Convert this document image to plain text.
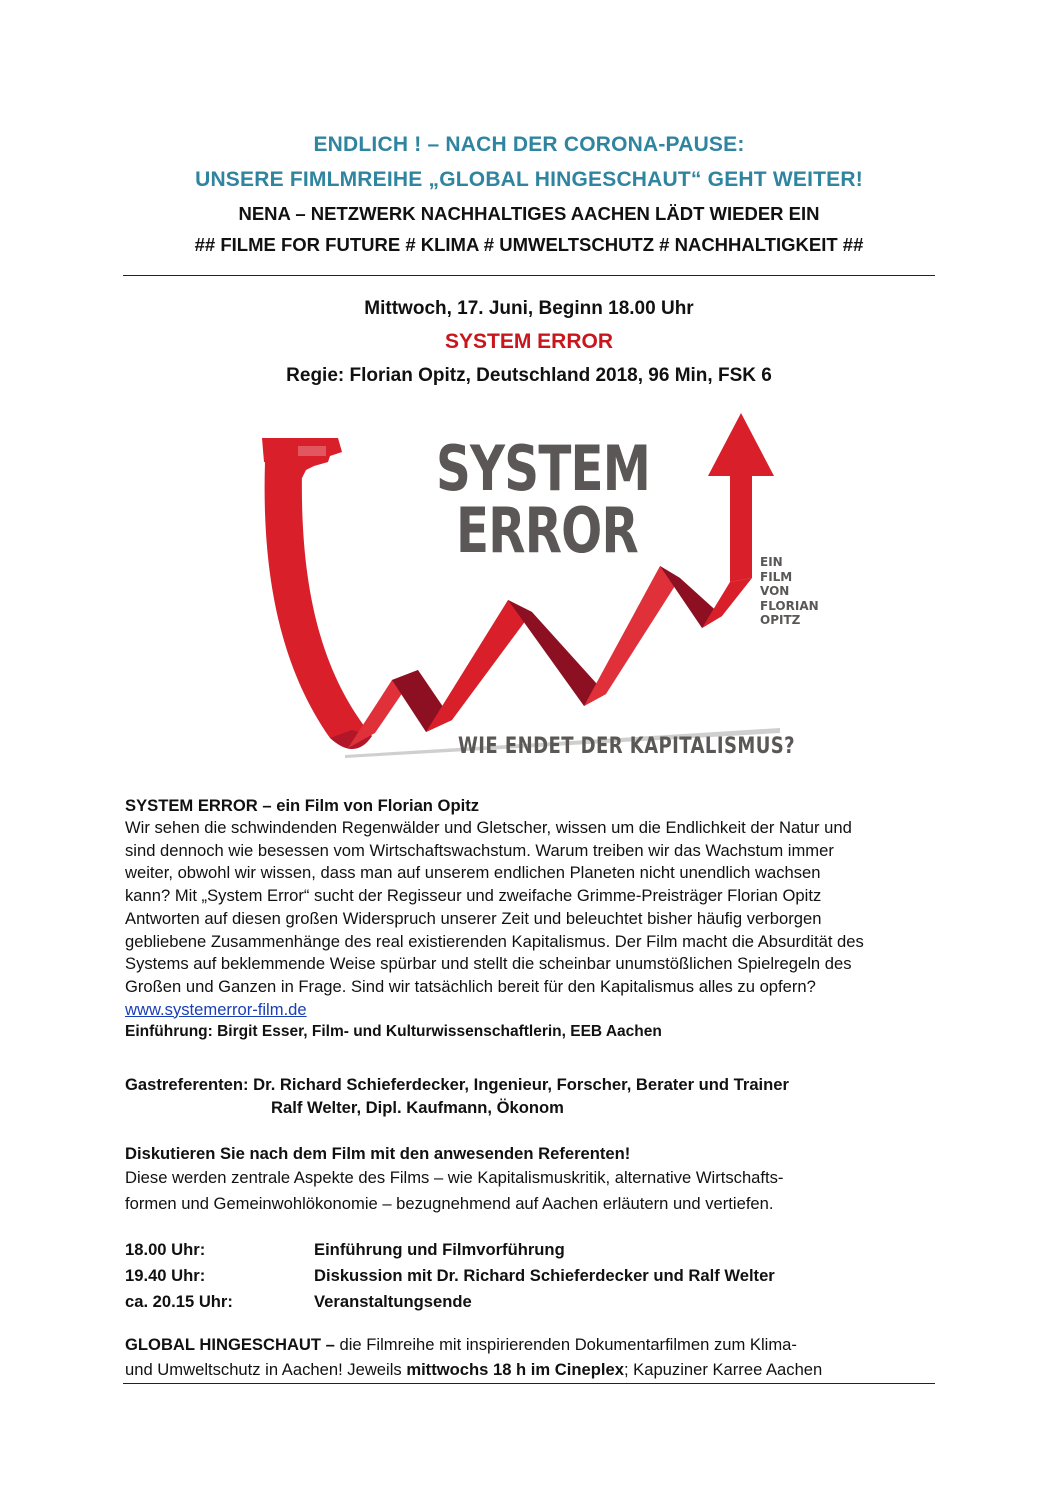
ENDLICH ! – NACH DER CORONA-PAUSE:
UNSERE FIMLMREIHE „GLOBAL HINGESCHAUT“ GEHT WEITER!
NENA – NETZWERK NACHHALTIGES AACHEN LÄDT WIEDER EIN
## FILME FOR FUTURE # KLIMA # UMWELTSCHUTZ # NACHHALTIGKEIT ##
Mittwoch, 17. Juni, Beginn 18.00 Uhr
SYSTEM ERROR
Regie: Florian Opitz, Deutschland 2018, 96 Min, FSK 6
SYSTEM
ERROR	EIN
FILM
VON
FLORIAN
OPITZ
WIE ENDET DER KAPITALISMUS?
SYSTEM ERROR – ein Film von Florian Opitz
Wir sehen die schwindenden Regenwälder und Gletscher, wissen um die Endlichkeit der Natur und
sind dennoch wie besessen vom Wirtschaftswachstum. Warum treiben wir das Wachstum immer
weiter, obwohl wir wissen, dass man auf unserem endlichen Planeten nicht unendlich wachsen
kann? Mit „System Error“ sucht der Regisseur und zweifache Grimme-Preisträger Florian Opitz
Antworten auf diesen großen Widerspruch unserer Zeit und beleuchtet bisher häufig verborgen
gebliebene Zusammenhänge des real existierenden Kapitalismus. Der Film macht die Absurdität des
Systems auf beklemmende Weise spürbar und stellt die scheinbar unumstößlichen Spielregeln des
Großen und Ganzen in Frage. Sind wir tatsächlich bereit für den Kapitalismus alles zu opfern?
www.systemerror-film.de
Einführung: Birgit Esser, Film- und Kulturwissenschaftlerin, EEB Aachen
Gastreferenten: Dr. Richard Schieferdecker, Ingenieur, Forscher, Berater und Trainer
Ralf Welter, Dipl. Kaufmann, Ökonom
Diskutieren Sie nach dem Film mit den anwesenden Referenten!
Diese werden zentrale Aspekte des Films – wie Kapitalismuskritik, alternative Wirtschafts-
formen und Gemeinwohlökonomie – bezugnehmend auf Aachen erläutern und vertiefen.
18.00 Uhr:	Einführung und Filmvorführung
19.40 Uhr:	Diskussion mit Dr. Richard Schieferdecker und Ralf Welter
ca. 20.15 Uhr:	Veranstaltungsende
GLOBAL HINGESCHAUT – die Filmreihe mit inspirierenden Dokumentarfilmen zum Klima-
und Umweltschutz in Aachen! Jeweils mittwochs 18 h im Cineplex; Kapuziner Karree Aachen
